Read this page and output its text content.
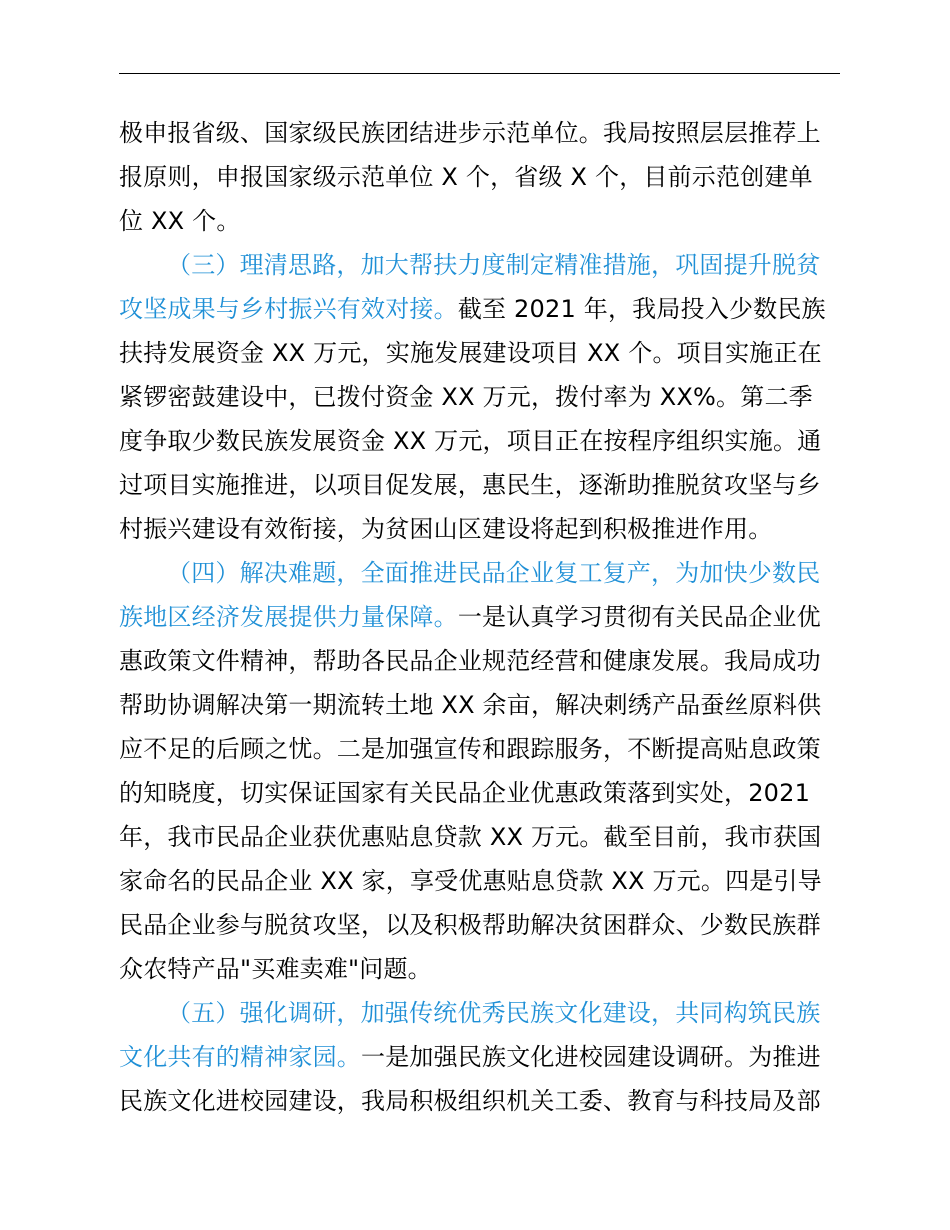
极申报省级、国家级民族团结进步示范单位。我局按照层层推荐上
报原则，申报国家级示范单位 X 个，省级 X 个，目前示范创建单
位 XX 个。
（三）理清思路，加大帮扶力度制定精准措施，巩固提升脱贫
攻坚成果与乡村振兴有效对接。截至 2021 年，我局投入少数民族
扶持发展资金 XX 万元，实施发展建设项目 XX 个。项目实施正在
紧锣密鼓建设中，已拨付资金 XX 万元，拨付率为 XX%。第二季
度争取少数民族发展资金 XX 万元，项目正在按程序组织实施。通
过项目实施推进，以项目促发展，惠民生，逐渐助推脱贫攻坚与乡
村振兴建设有效衔接，为贫困山区建设将起到积极推进作用。
（四）解决难题，全面推进民品企业复工复产，为加快少数民
族地区经济发展提供力量保障。一是认真学习贯彻有关民品企业优
惠政策文件精神，帮助各民品企业规范经营和健康发展。我局成功
帮助协调解决第一期流转土地 XX 余亩，解决刺绣产品蚕丝原料供
应不足的后顾之忧。二是加强宣传和跟踪服务，不断提高贴息政策
的知晓度，切实保证国家有关民品企业优惠政策落到实处，2021
年，我市民品企业获优惠贴息贷款 XX 万元。截至目前，我市获国
家命名的民品企业 XX 家，享受优惠贴息贷款 XX 万元。四是引导
民品企业参与脱贫攻坚，以及积极帮助解决贫困群众、少数民族群
众农特产品"买难卖难"问题。
（五）强化调研，加强传统优秀民族文化建设，共同构筑民族
文化共有的精神家园。一是加强民族文化进校园建设调研。为推进
民族文化进校园建设，我局积极组织机关工委、教育与科技局及部
